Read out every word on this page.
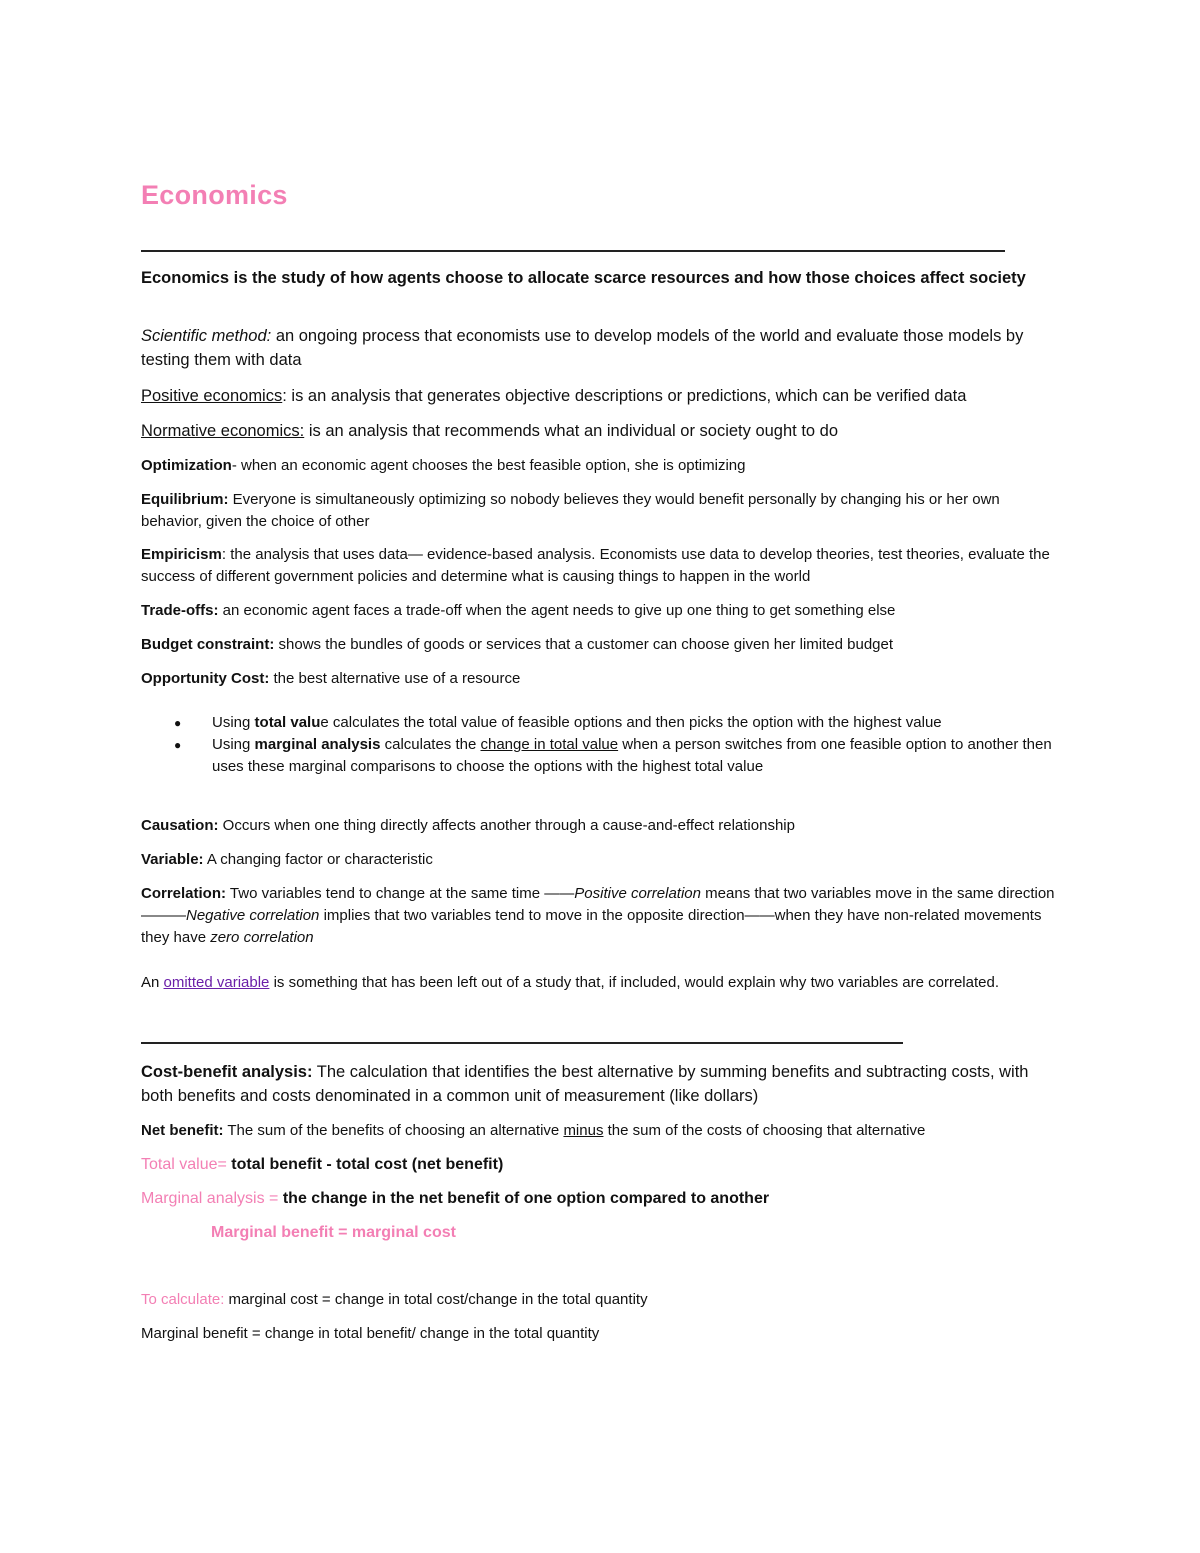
Economics

Economics is the study of how agents choose to allocate scarce resources and how those choices affect society

Scientific method: an ongoing process that economists use to develop models of the world and evaluate those models by testing them with data

Positive economics: is an analysis that generates objective descriptions or predictions, which can be verified data

Normative economics: is an analysis that recommends what an individual or society ought to do

Optimization- when an economic agent chooses the best feasible option, she is optimizing

Equilibrium: Everyone is simultaneously optimizing so nobody believes they would benefit personally by changing his or her own behavior, given the choice of other

Empiricism: the analysis that uses data— evidence-based analysis. Economists use data to develop theories, test theories, evaluate the success of different government policies and determine what is causing things to happen in the world

Trade-offs: an economic agent faces a trade-off when the agent needs to give up one thing to get something else

Budget constraint: shows the bundles of goods or services that a customer can choose given her limited budget

Opportunity Cost: the best alternative use of a resource

● Using total value calculates the total value of feasible options and then picks the option with the highest value
● Using marginal analysis calculates the change in total value when a person switches from one feasible option to another then uses these marginal comparisons to choose the options with the highest total value

Causation: Occurs when one thing directly affects another through a cause-and-effect relationship

Variable: A changing factor or characteristic

Correlation: Two variables tend to change at the same time ——Positive correlation means that two variables move in the same direction———Negative correlation implies that two variables tend to move in the opposite direction——when they have non-related movements they have zero correlation

An omitted variable is something that has been left out of a study that, if included, would explain why two variables are correlated.

Cost-benefit analysis: The calculation that identifies the best alternative by summing benefits and subtracting costs, with both benefits and costs denominated in a common unit of measurement (like dollars)

Net benefit: The sum of the benefits of choosing an alternative minus the sum of the costs of choosing that alternative

Total value= total benefit - total cost (net benefit)

Marginal analysis = the change in the net benefit of one option compared to another

Marginal benefit = marginal cost

To calculate: marginal cost = change in total cost/change in the total quantity

Marginal benefit = change in total benefit/ change in the total quantity
